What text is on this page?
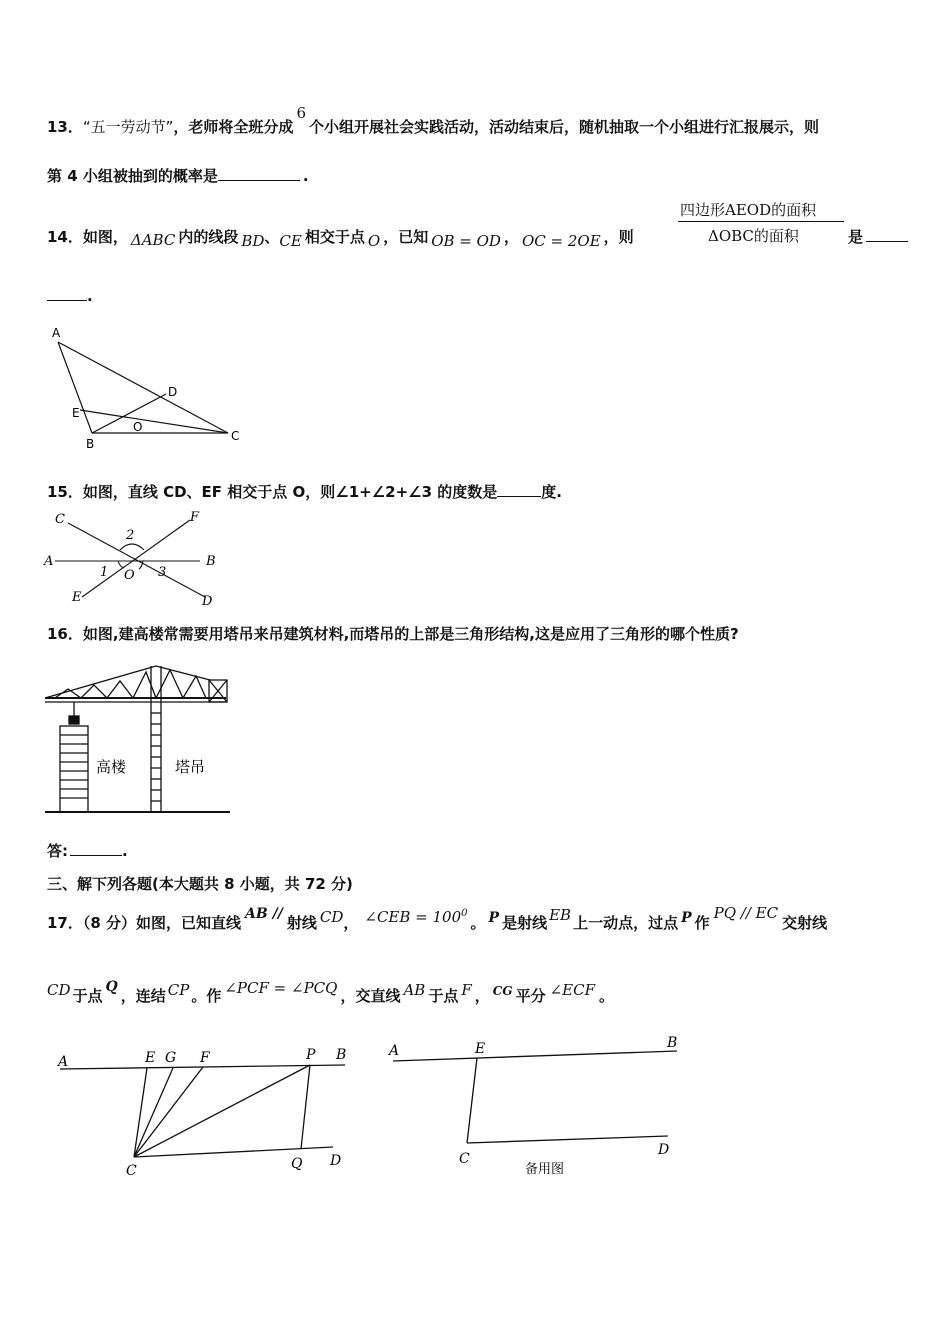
13．“五一劳动节”，老师将全班分成6个小组开展社会实践活动，活动结束后，随机抽取一个小组进行汇报展示，则
第 4 小组被抽到的概率是	.
14．如图， ΔABC 内的线段 BD、CE 相交于点 O ，已知 OB = OD ， OC = 2OE ，则
四边形AEOD的面积
ΔOBC的面积	是
.
A
D
E
O
B
C
15．如图，直线 CD、EF 相交于点 O，则∠1+∠2+∠3 的度数是	度.
C	F
2
A	B
1 O 3
E	D
16．如图,建高楼常需要用塔吊来吊建筑材料,而塔吊的上部是三角形结构,这是应用了三角形的哪个性质?
高楼	塔吊
答:	.
三、解下列各题(本大题共 8 小题，共 72 分)
17．（8 分）如图，已知直线 AB // 射线 CD， ∠CEB = $100^0$。 P 是射线 EB 上一动点，过点 P 作PQ // EC交射线
CD 于点 Q ，连结 CP 。作 ∠PCF = ∠PCQ ，交直线 AB 于点 F ， $^{CG}$ 平分 ∠ECF 。
A	E G F	P B
C	Q D
A	E	B
C
D
备用图
